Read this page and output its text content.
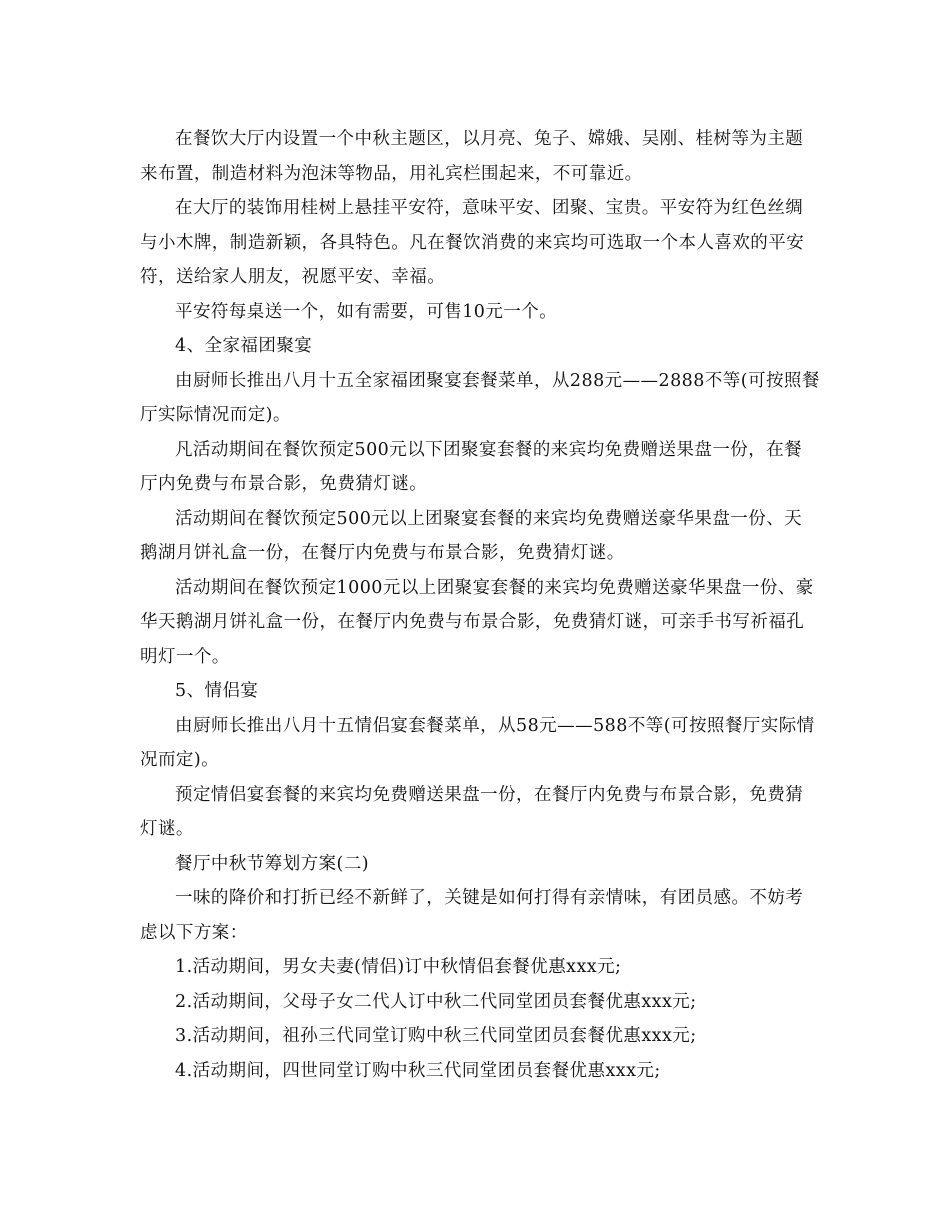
在餐饮大厅内设置一个中秋主题区，以月亮、兔子、嫦娥、吴刚、桂树等为主题来布置，制造材料为泡沫等物品，用礼宾栏围起来，不可靠近。

在大厅的装饰用桂树上悬挂平安符，意味平安、团聚、宝贵。平安符为红色丝绸与小木牌，制造新颖，各具特色。凡在餐饮消费的来宾均可选取一个本人喜欢的平安符，送给家人朋友，祝愿平安、幸福。

平安符每桌送一个，如有需要，可售10元一个。

4、全家福团聚宴

由厨师长推出八月十五全家福团聚宴套餐菜单，从288元——2888不等(可按照餐厅实际情况而定)。

凡活动期间在餐饮预定500元以下团聚宴套餐的来宾均免费赠送果盘一份，在餐厅内免费与布景合影，免费猜灯谜。

活动期间在餐饮预定500元以上团聚宴套餐的来宾均免费赠送豪华果盘一份、天鹅湖月饼礼盒一份，在餐厅内免费与布景合影，免费猜灯谜。

活动期间在餐饮预定1000元以上团聚宴套餐的来宾均免费赠送豪华果盘一份、豪华天鹅湖月饼礼盒一份，在餐厅内免费与布景合影，免费猜灯谜，可亲手书写祈福孔明灯一个。

5、情侣宴

由厨师长推出八月十五情侣宴套餐菜单，从58元——588不等(可按照餐厅实际情况而定)。

预定情侣宴套餐的来宾均免费赠送果盘一份，在餐厅内免费与布景合影，免费猜灯谜。

餐厅中秋节筹划方案(二)

一味的降价和打折已经不新鲜了，关键是如何打得有亲情味，有团员感。不妨考虑以下方案：

1.活动期间，男女夫妻(情侣)订中秋情侣套餐优惠xxx元;

2.活动期间，父母子女二代人订中秋二代同堂团员套餐优惠xxx元;

3.活动期间，祖孙三代同堂订购中秋三代同堂团员套餐优惠xxx元;

4.活动期间，四世同堂订购中秋三代同堂团员套餐优惠xxx元;
